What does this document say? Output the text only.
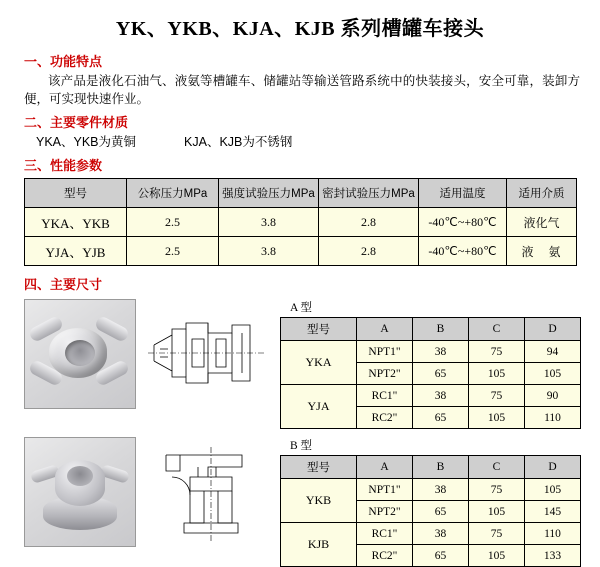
YK、YKB、KJA、KJB 系列槽罐车接头
一、功能特点
该产品是液化石油气、液氨等槽罐车、储罐站等输送管路系统中的快装接头，安全可靠，装卸方便，可实现快速作业。
二、主要零件材质
YKA、YKB为黄铜	KJA、KJB为不锈钢
三、性能参数
型号	公称压力MPa	强度试验压力MPa	密封试验压力MPa	适用温度	适用介质
YKA、YKB	2.5	3.8	2.8	-40℃~+80℃	液化气
YJA、YJB	2.5	3.8	2.8	-40℃~+80℃	液 氨
四、主要尺寸
A 型
型号	A	B	C	D
YKA	NPT1"	38	75	94
	NPT2"	65	105	105
YJA	RC1"	38	75	90
	RC2"	65	105	110
B 型
型号	A	B	C	D
YKB	NPT1"	38	75	105
	NPT2"	65	105	145
KJB	RC1"	38	75	110
	RC2"	65	105	133
